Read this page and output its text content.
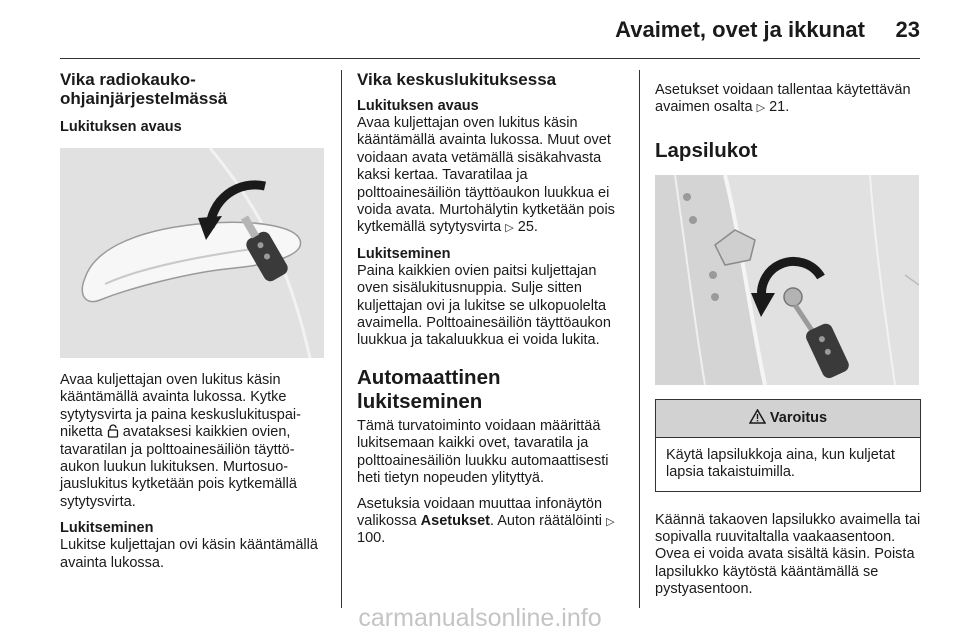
Avaimet, ovet ja ikkunat 23
Vika radiokauko-
ohjainjärjestelmässä
Lukituksen avaus

Avaa kuljettajan oven lukitus käsin kääntämällä avainta lukossa. Kytke sytytysvirta ja paina keskuslukituspainiketta avataksesi kaikkien ovien, tavaratilan ja polttoainesäiliön täyttöaukon luukun lukituksen. Murtosuojauslukitus kytketään pois kytkemällä sytytysvirta.

Lukitseminen

Lukitse kuljettajan ovi käsin kääntämällä avainta lukossa.

Vika keskuslukituksessa
Lukituksen avaus

Avaa kuljettajan oven lukitus käsin kääntämällä avainta lukossa. Muut ovet voidaan avata vetämällä sisäkahvasta kaksi kertaa. Tavaratilaa ja polttoainesäiliön täyttöaukon luukkua ei voida avata. Murtohälytin kytketään pois kytkemällä sytytysvirta ▷ 25.

Lukitseminen

Paina kaikkien ovien paitsi kuljettajan oven sisälukitusnuppia. Sulje sitten kuljettajan ovi ja lukitse se ulkopuolelta avaimella. Polttoainesäiliön täyttöaukon luukkua ja takaluukkua ei voida lukita.

Automaattinen lukitseminen

Tämä turvatoiminto voidaan määrittää lukitsemaan kaikki ovet, tavaratila ja polttoainesäiliön luukku automaattisesti heti tietyn nopeuden ylityttyä.

Asetuksia voidaan muuttaa infonäytön valikossa Asetukset. Auton räätälöinti ▷ 100.

Asetukset voidaan tallentaa käytettävän avaimen osalta ▷ 21.

Lapsilukot
Varoitus

Käytä lapsilukkoja aina, kun kuljetat lapsia takaistuimilla.

Käännä takaoven lapsilukko avaimella tai sopivalla ruuvitaltalla vaakaasentoon. Ovea ei voida avata sisältä käsin. Poista lapsilukko käytöstä kääntämällä se pystyasentoon.

carmanualsonline.info
